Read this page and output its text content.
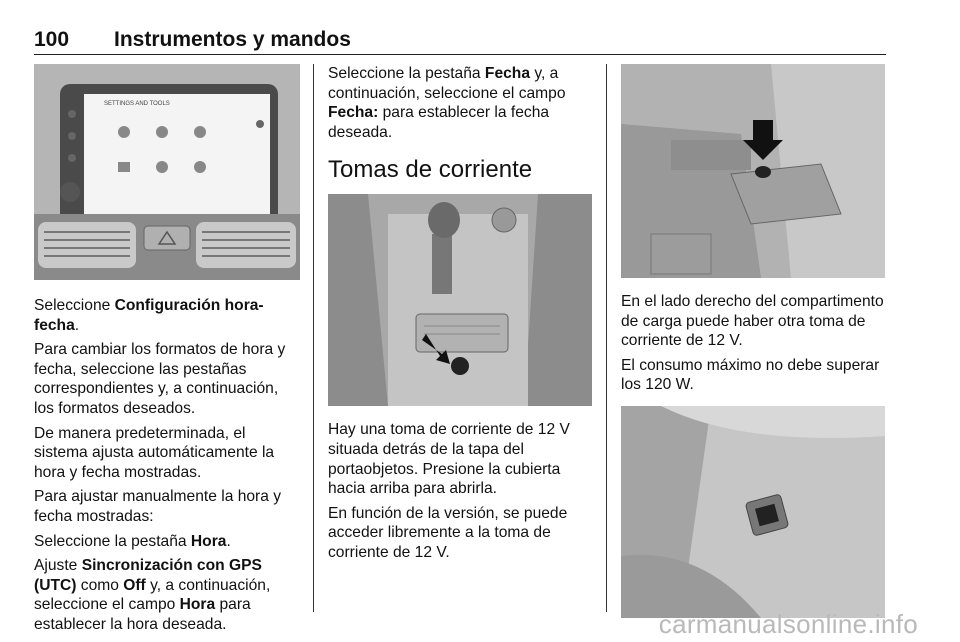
100 Instrumentos y mandos
SETTINGS AND TOOLS

Seleccione Configuración hora-fecha.

Para cambiar los formatos de hora y fecha, seleccione las pestañas correspondientes y, a continuación, los formatos deseados.

De manera predeterminada, el sistema ajusta automáticamente la hora y fecha mostradas.

Para ajustar manualmente la hora y fecha mostradas:

Seleccione la pestaña Hora.

Ajuste Sincronización con GPS (UTC) como Off y, a continuación, seleccione el campo Hora para establecer la hora deseada.

Seleccione la pestaña Fecha y, a continuación, seleccione el campo Fecha: para establecer la fecha deseada.

Tomas de corriente

Hay una toma de corriente de 12 V situada detrás de la tapa del portaobjetos. Presione la cubierta hacia arriba para abrirla.

En función de la versión, se puede acceder libremente a la toma de corriente de 12 V.

En el lado derecho del compartimento de carga puede haber otra toma de corriente de 12 V.

El consumo máximo no debe superar los 120 W.

carmanualsonline.info
